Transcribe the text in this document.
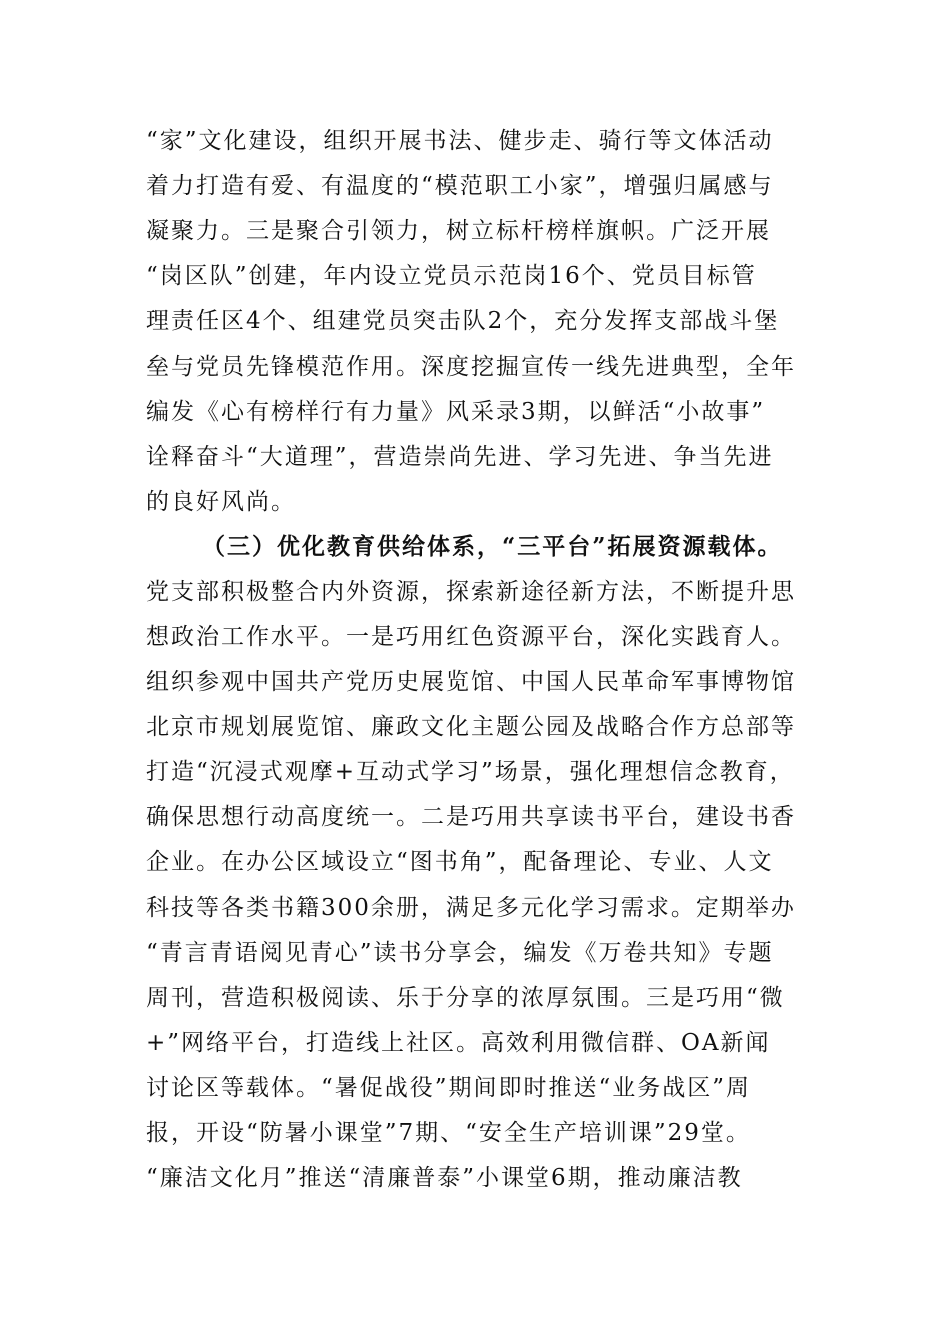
“家”文化建设，组织开展书法、健步走、骑行等文体活动
着力打造有爱、有温度的“模范职工小家”，增强归属感与
凝聚力。三是聚合引领力，树立标杆榜样旗帜。广泛开展
“岗区队”创建，年内设立党员示范岗16个、党员目标管
理责任区4个、组建党员突击队2个，充分发挥支部战斗堡
垒与党员先锋模范作用。深度挖掘宣传一线先进典型，全年
编发《心有榜样行有力量》风采录3期，以鲜活“小故事”
诠释奋斗“大道理”，营造崇尚先进、学习先进、争当先进
的良好风尚。
（三）优化教育供给体系，“三平台”拓展资源载体。
党支部积极整合内外资源，探索新途径新方法，不断提升思
想政治工作水平。一是巧用红色资源平台，深化实践育人。
组织参观中国共产党历史展览馆、中国人民革命军事博物馆
北京市规划展览馆、廉政文化主题公园及战略合作方总部等
打造“沉浸式观摩+互动式学习”场景，强化理想信念教育，
确保思想行动高度统一。二是巧用共享读书平台，建设书香
企业。在办公区域设立“图书角”，配备理论、专业、人文
科技等各类书籍300余册，满足多元化学习需求。定期举办
“青言青语阅见青心”读书分享会，编发《万卷共知》专题
周刊，营造积极阅读、乐于分享的浓厚氛围。三是巧用“微
+”网络平台，打造线上社区。高效利用微信群、OA新闻
讨论区等载体。“暑促战役”期间即时推送“业务战区”周
报，开设“防暑小课堂”7期、“安全生产培训课”29堂。
“廉洁文化月”推送“清廉普泰”小课堂6期，推动廉洁教
